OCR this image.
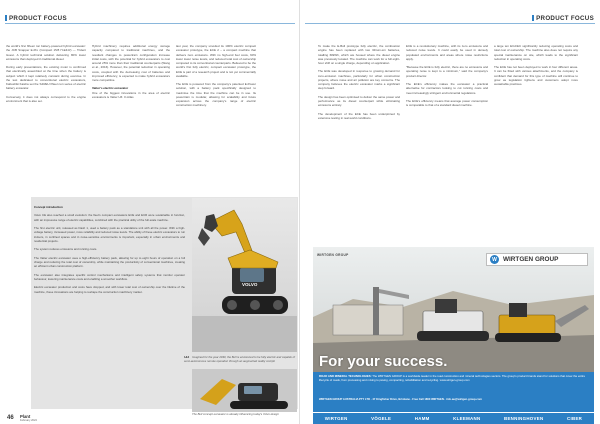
PRODUCT FOCUS

the world's first fifteen ton battery-powered hybrid excavator: the JCB Snapper E-Pro (Compact 15/8 H-EZ-R) — Trident Guest. A hybrid technical solution delivering 80% lower emissions than deployed in traditional diesel.

During early presentations, the existing motor is confirmed that electrically assembled at the time when the battery is subject which it kept relatively constant during exercise. In the test dedicated to conventional electric excavators, Kabushiki Kaisha set the S40/EU fifteen ton series of electric battery excavator.

Conversely, it does not always correspond to the engine environment that is also set.

Hybrid machinery requires additional energy storage capacity compared to traditional machines, and the resultant changes to powertrain configuration increase initial costs, with the potential for hybrid excavators to cost around 25% more than their traditional counterparts (Wang et al., 2016). However, the potential reduction in operating costs, coupled with the decreasing cost of batteries and improved efficiency, is expected to make hybrid excavators more competitive.

Vatter's electric excavator

One of the biggest innovations in the area of electric excavators is Vatter UZ. In Atlas

last year, the company unveiled its 100% electric compact excavator prototype, the ECE 2 – a compact machine that delivers zero emissions. With no high-end fuel costs, 60% lower lower noise levels, and reduced total cost of ownership compared to its conventional counterparts. Believed to be the world's first fully electric, compact excavator prototype, the ECE is part of a research project and is not yet commercially available.

The ECE is powered from the company's patented E-Power solution, with a battery pack specifically designed to maximise the time that the machine can be in use. Its powertrain is modular, allowing for scalability and future expansion across the company's range of electric construction machinery.

Concept introduction

Volvo CE also reached a small evolution: the fleet's compact excavators ECE and ECR were sustainable in function, with an impressive range of electric capabilities, combined with the practical utility of the full-scale machine.

The first electric unit, released as Dash 1, used a battery pack as a standalone unit with all the power. With a high-voltage battery, increased power, more reliability and reduced noise levels. The ability of these electric excavators to run indoors, in confined spaces and in noise-sensitive environments is important, especially in urban environments and residential projects.

The system reduces emissions and running costs.

The Vatter electric excavator uses a high-efficiency battery pack, allowing for up to eight hours of operation on a full charge and reducing the total cost of ownership, while maintaining the productivity of conventional machines, creating an efficient urban construction platform.

The excavator also integrates specific control mechanisms and intelligent safety systems that monitor operator behaviour, lowering maintenance costs and enabling a smoother workflow.

Electric excavator production and costs have dropped, and with lower total cost of ownership over the lifetime of the machine, these innovations are helping to reshape the construction machinery market.

VOLVO
1&2 Imagined for the year 2030, the Bull is envisioned to be fully electric and capable of semi-autonomous remote operation through an augmented reality cockpit
The Bull concept excavator is already influencing today's Volvo design
46 Plant
February 2024
PRODUCT FOCUS

To make the E-Bull prototype fully electric, the combustion engine has been replaced with two lithium-ion batteries, totalling 68kWh, which are housed where the diesel engine was previously located. The machine can work for a full eight-hour shift on a single charge, depending on application.

The ECE was developed in response to growing demand for zero-emission machines, particularly for urban construction projects, where noise and air pollution are key concerns. The company believes the electric excavator marks a significant step forward.

The design has been optimised to deliver the same power and performance as its diesel counterpart while eliminating emissions entirely.

The development of the ECE has been underpinned by extensive testing in real-world conditions.

ECE is a revolutionary machine, with its zero emissions and reduced noise levels. It could easily be used in densely populated environments and areas where noise restrictions apply.

"Because the ECE is fully electric, there are no emissions and operating noise is kept to a minimum," said the company's product director.

The ECE's efficiency makes the excavator a practical alternative for contractors looking to cut running costs and meet increasingly stringent environmental regulations.

The ECE's efficiency means that average power consumption is comparable to that of a standard diesel machine.

a large ten ECA/EC significantly reducing operating costs and total cost of ownership. The machine also does not require any special maintenance on site, which leads to the significant reduction in operating costs.

The ECE has not been deployed to work in four different areas. It can be fitted with various attachments, and the company is confident that demand for this type of machine will continue to grow as legislation tightens and customers adopt more sustainable practices.

WIRTGEN GROUP
W WIRTGEN GROUP
For your success.
ROAD AND MINERAL TECHNOLOGIES: The WIRTGEN GROUP is a worldwide leader in the road construction and mineral technologies sectors. The group's product brands stand for solutions that cover the entire lifecycle of roads, from processing and mixing to paving, compacting, rehabilitation and recycling. www.wirtgen-group.com
WIRTGEN GROUP AUSTRALIA PTY LTD · 47 Kingfisher Drive, Brisbane · Free Call 1800 WIRTGEN · info.au@wirtgen-group.com
WIRTGEN	VÖGELE	HAMM	KLEEMANN	BENNINGHOVEN	CIBER
